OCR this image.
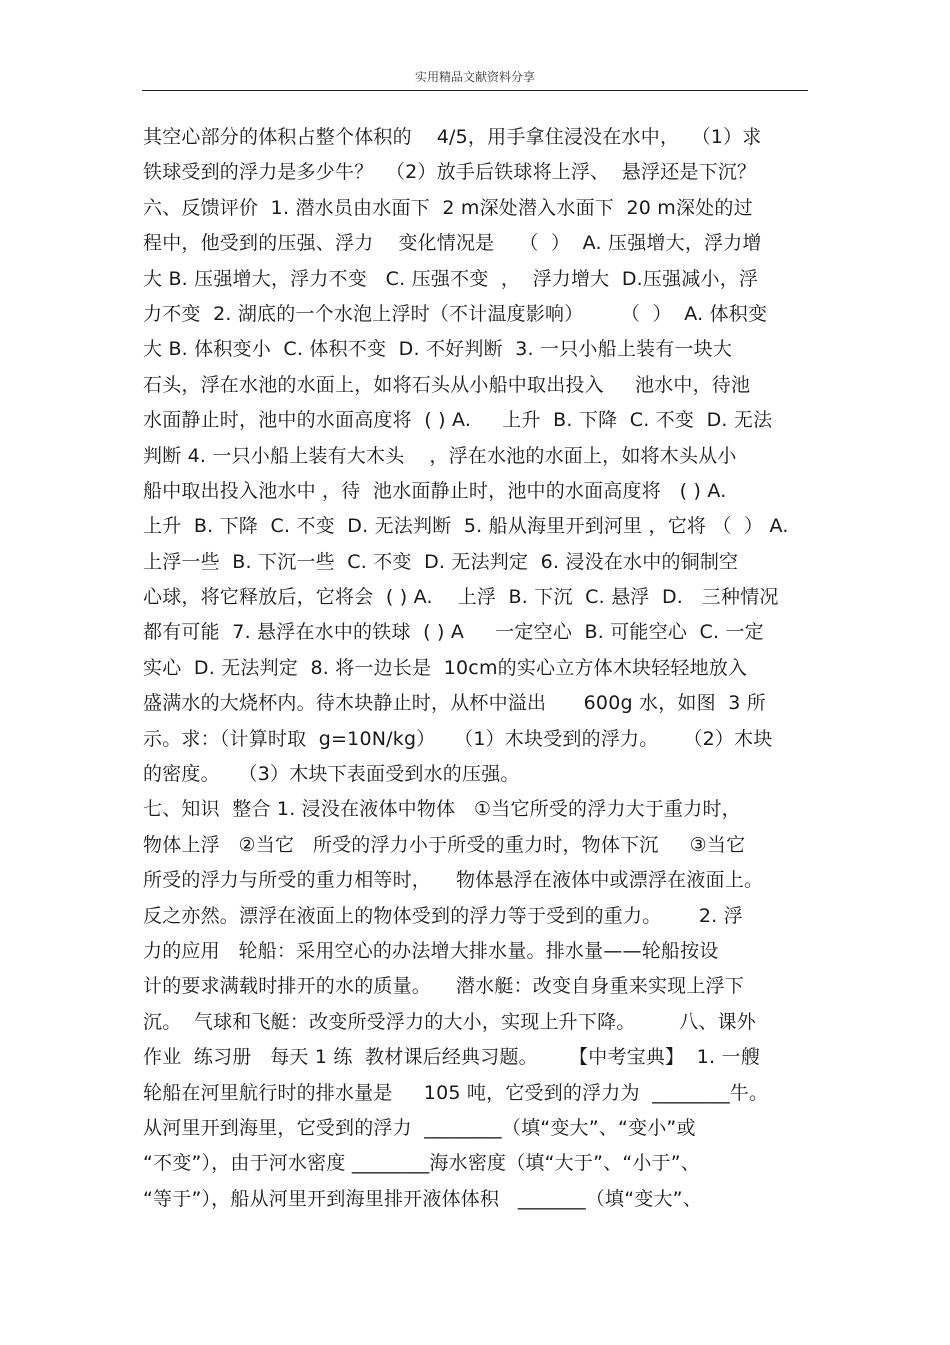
实用精品文献资料分享
其空心部分的体积占整个体积的    4/5，用手拿住浸没在水中，  （1）求
铁球受到的浮力是多少牛？  （2）放手后铁球将上浮、  悬浮还是下沉？
六、反馈评价  1. 潜水员由水面下  2 m深处潜入水面下  20 m深处的过
程中，他受到的压强、浮力    变化情况是    （  ）  A. 压强增大，浮力增
大 B. 压强增大，浮力不变   C. 压强不变  ，  浮力增大  D.压强减小，浮
力不变  2. 湖底的一个水泡上浮时（不计温度影响）      （  ）  A. 体积变
大 B. 体积变小  C. 体积不变  D. 不好判断  3. 一只小船上装有一块大
石头，浮在水池的水面上，如将石头从小船中取出投入     池水中，待池
水面静止时，池中的水面高度将  ( ) A.     上升  B. 下降  C. 不变  D. 无法
判断 4. 一只小船上装有大木头    ，浮在水池的水面上，如将木头从小
船中取出投入池水中 ，待  池水面静止时，池中的水面高度将   ( ) A.
上升  B. 下降  C. 不变  D. 无法判断  5. 船从海里开到河里 ，它将 （  ） A.
上浮一些  B. 下沉一些  C. 不变  D. 无法判定  6. 浸没在水中的铜制空
心球，将它释放后，它将会  ( ) A.    上浮  B. 下沉  C. 悬浮  D.   三种情况
都有可能  7. 悬浮在水中的铁球  ( ) A     一定空心  B. 可能空心  C. 一定
实心  D. 无法判定  8. 将一边长是  10cm的实心立方体木块轻轻地放入
盛满水的大烧杯内。待木块静止时，从杯中溢出      600g 水，如图  3 所
示。求：（计算时取  g=10N/kg）   （1）木块受到的浮力。    （2）木块
的密度。   （3）木块下表面受到水的压强。
七、知识  整合 1. 浸没在液体中物体   ①当它所受的浮力大于重力时，
物体上浮   ②当它   所受的浮力小于所受的重力时，物体下沉     ③当它
所受的浮力与所受的重力相等时，    物体悬浮在液体中或漂浮在液面上。
反之亦然。漂浮在液面上的物体受到的浮力等于受到的重力。      2. 浮
力的应用   轮船：采用空心的办法增大排水量。排水量——轮船按设
计的要求满载时排开的水的质量。    潜水艇：改变自身重来实现上浮下
沉。  气球和飞艇：改变所受浮力的大小，实现上升下降。       八、课外
作业  练习册   每天 1 练  教材课后经典习题。     【中考宝典】  1. 一艘
轮船在河里航行时的排水量是     105 吨，它受到的浮力为  ________牛。
从河里开到海里，它受到的浮力  ________（填“变大”、“变小”或
“不变”），由于河水密度 ________海水密度（填“大于”、“小于”、
“等于”），船从河里开到海里排开液体体积   _______（填“变大”、
